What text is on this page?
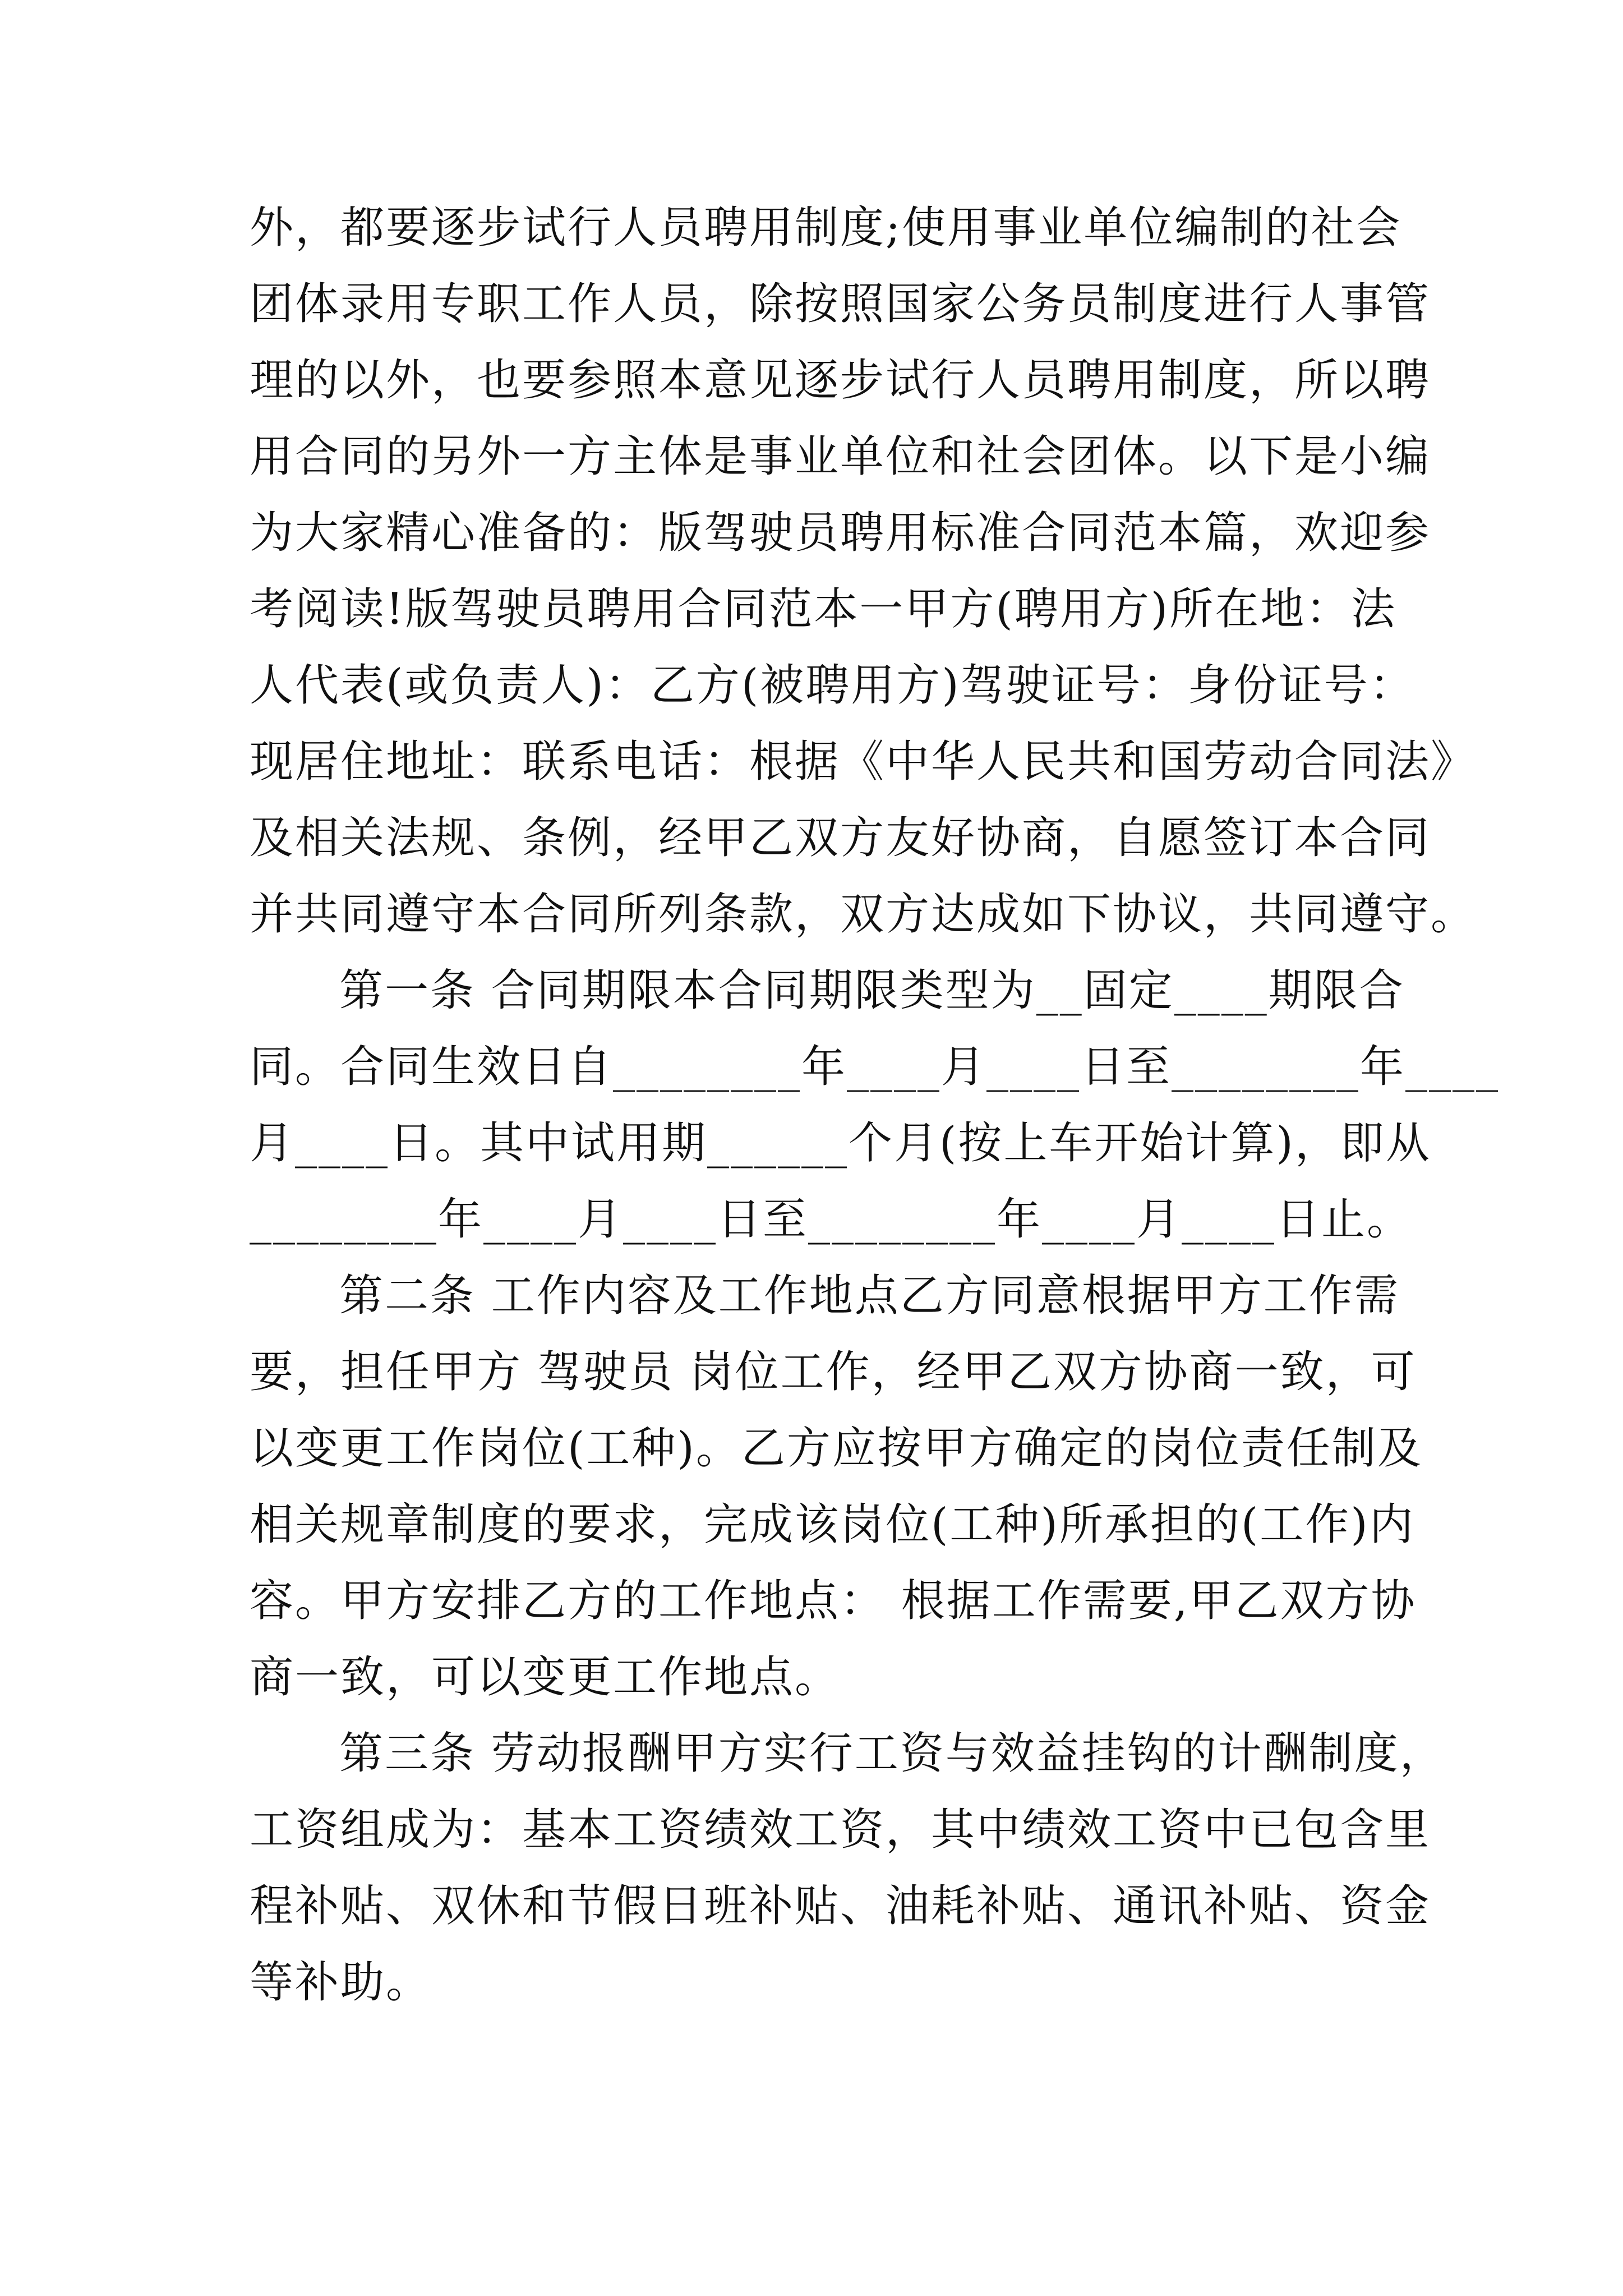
外，都要逐步试行人员聘用制度;使用事业单位编制的社会
团体录用专职工作人员，除按照国家公务员制度进行人事管
理的以外，也要参照本意见逐步试行人员聘用制度，所以聘
用合同的另外一方主体是事业单位和社会团体。以下是小编
为大家精心准备的：版驾驶员聘用标准合同范本篇，欢迎参
考阅读!版驾驶员聘用合同范本一甲方(聘用方)所在地：法
人代表(或负责人)：乙方(被聘用方)驾驶证号：身份证号：
现居住地址：联系电话：根据《中华人民共和国劳动合同法》
及相关法规、条例，经甲乙双方友好协商，自愿签订本合同
并共同遵守本合同所列条款，双方达成如下协议，共同遵守。
第一条 合同期限本合同期限类型为__固定____期限合
同。合同生效日自________年____月____日至________年____
月____日。其中试用期______个月(按上车开始计算)，即从
________年____月____日至________年____月____日止。
第二条 工作内容及工作地点乙方同意根据甲方工作需
要，担任甲方 驾驶员 岗位工作，经甲乙双方协商一致，可
以变更工作岗位(工种)。乙方应按甲方确定的岗位责任制及
相关规章制度的要求，完成该岗位(工种)所承担的(工作)内
容。甲方安排乙方的工作地点： 根据工作需要,甲乙双方协
商一致，可以变更工作地点。
第三条 劳动报酬甲方实行工资与效益挂钩的计酬制度，
工资组成为：基本工资绩效工资，其中绩效工资中已包含里
程补贴、双休和节假日班补贴、油耗补贴、通讯补贴、资金
等补助。
